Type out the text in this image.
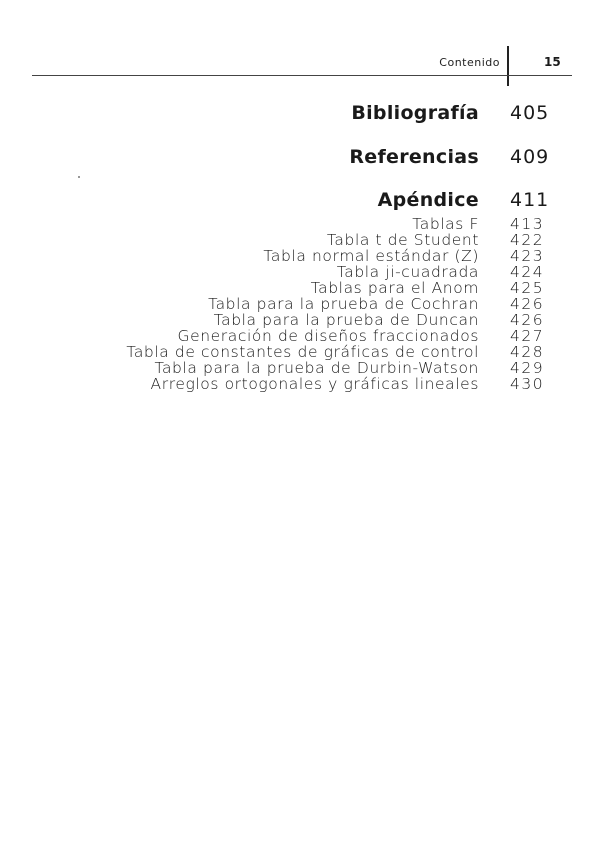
Contenido	15
Bibliografía 405
Referencias 409
Apéndice 411
Tablas F 413
Tabla t de Student 422
Tabla normal estándar (Z) 423
Tabla ji-cuadrada 424
Tablas para el Anom 425
Tabla para la prueba de Cochran 426
Tabla para la prueba de Duncan 426
Generación de diseños fraccionados 427
Tabla de constantes de gráficas de control 428
Tabla para la prueba de Durbin-Watson 429
Arreglos ortogonales y gráficas lineales 430
